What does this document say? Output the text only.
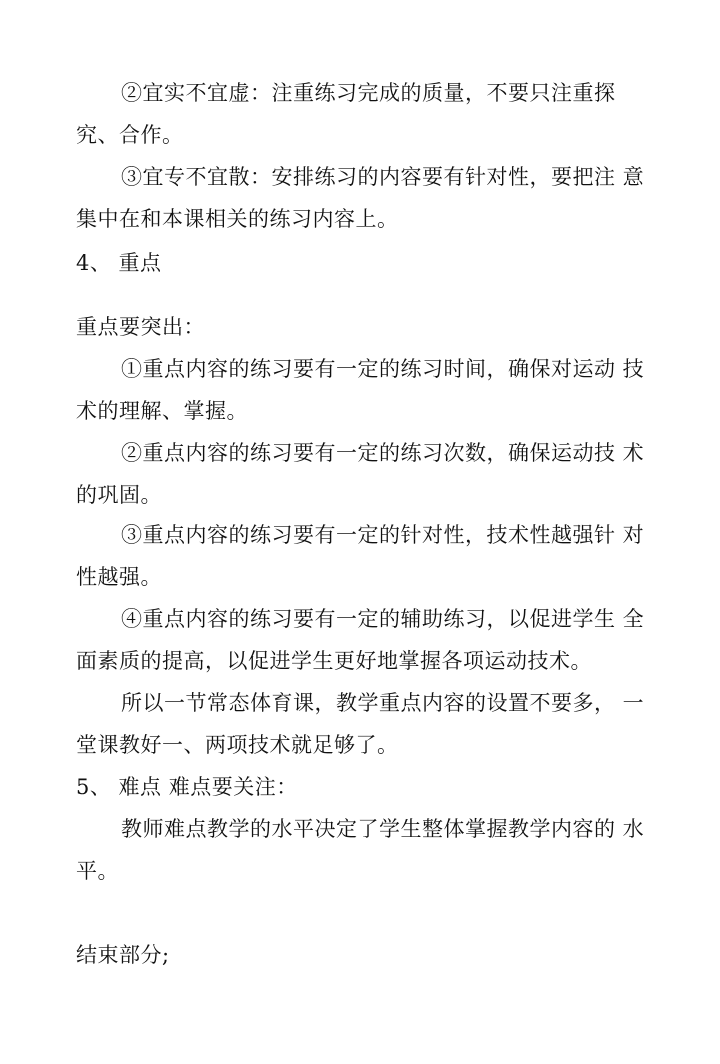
②宜实不宜虚：注重练习完成的质量，不要只注重探
究、合作。
③宜专不宜散：安排练习的内容要有针对性，要把注 意
集中在和本课相关的练习内容上。
4、 重点
重点要突出：
①重点内容的练习要有一定的练习时间，确保对运动 技
术的理解、掌握。
②重点内容的练习要有一定的练习次数，确保运动技 术
的巩固。
③重点内容的练习要有一定的针对性，技术性越强针 对
性越强。
④重点内容的练习要有一定的辅助练习，以促进学生 全
面素质的提高，以促进学生更好地掌握各项运动技术。
所以一节常态体育课，教学重点内容的设置不要多， 一
堂课教好一、两项技术就足够了。
5、 难点 难点要关注：
教师难点教学的水平决定了学生整体掌握教学内容的 水
平。
结束部分;
